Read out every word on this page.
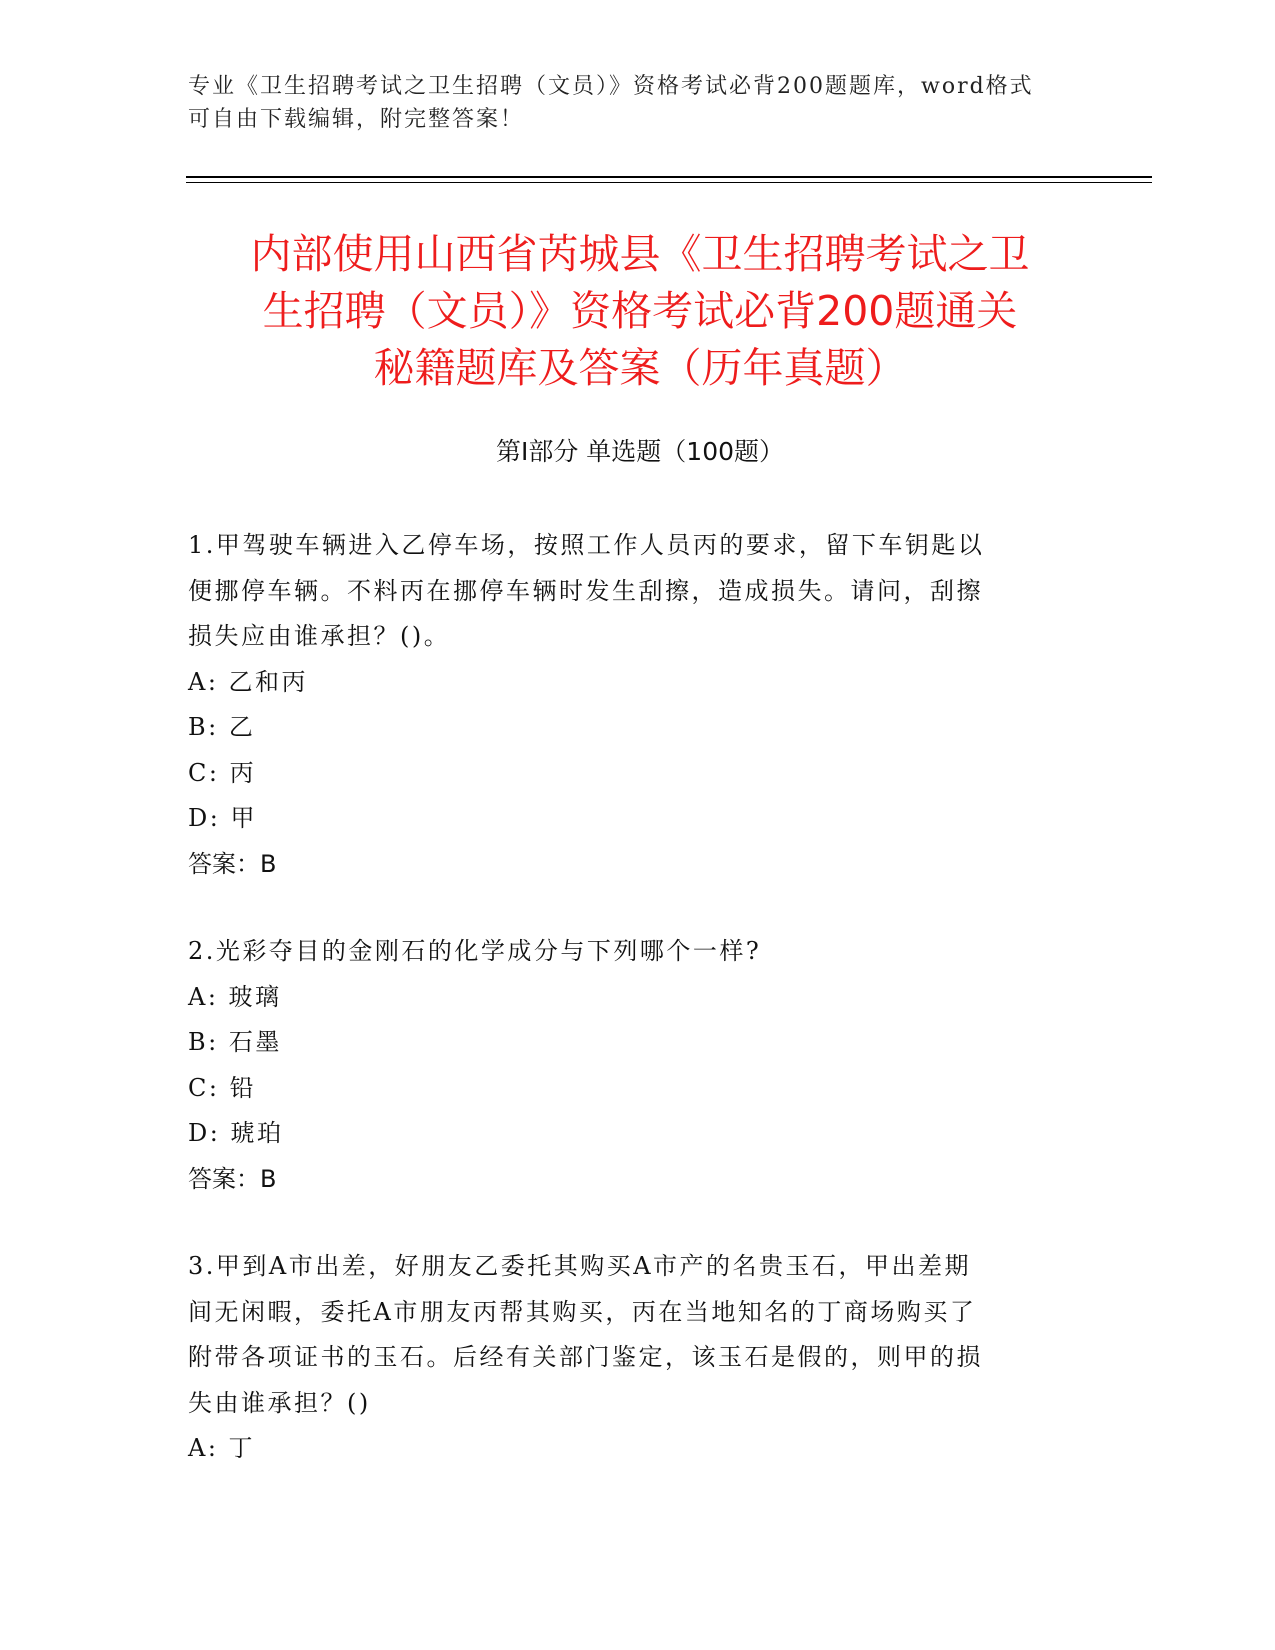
专业《卫生招聘考试之卫生招聘（文员）》资格考试必背200题题库，word格式
可自由下载编辑，附完整答案！
内部使用山西省芮城县《卫生招聘考试之卫
生招聘（文员）》资格考试必背200题通关
秘籍题库及答案（历年真题）
第Ⅰ部分 单选题（100题）
1.甲驾驶车辆进入乙停车场，按照工作人员丙的要求，留下车钥匙以
便挪停车辆。不料丙在挪停车辆时发生刮擦，造成损失。请问，刮擦
损失应由谁承担？()。
A: 乙和丙
B: 乙
C: 丙
D: 甲
答案：B
2.光彩夺目的金刚石的化学成分与下列哪个一样?
A: 玻璃
B: 石墨
C: 铅
D: 琥珀
答案：B
3.甲到A市出差，好朋友乙委托其购买A市产的名贵玉石，甲出差期
间无闲暇，委托A市朋友丙帮其购买，丙在当地知名的丁商场购买了
附带各项证书的玉石。后经有关部门鉴定，该玉石是假的，则甲的损
失由谁承担？()
A: 丁
